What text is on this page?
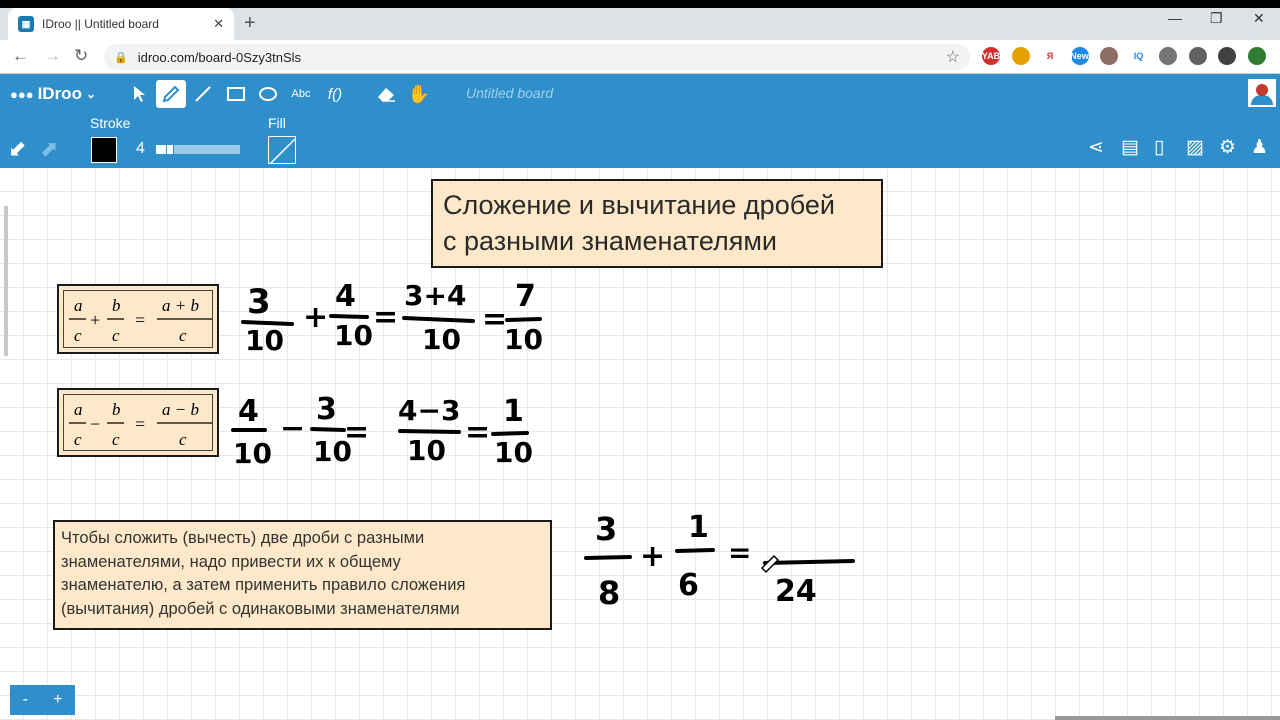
▦ IDroo || Untitled board	✕ +	— ❐ ✕
← → ↻ 🔒 idroo.com/board-0Szy3tnSls	☆ YAB	Я	New	IQ
●●● IDroo ⌄	Abc	f()	✋	Untitled board
⬋ ⬈
Stroke
4
Fill
⋖ ▤ ▯ ▨ ⚙ ♟
Сложение и вычитание дробей
с разными знаменателями
a
c
+
b
c
=
a + b
c
a
c
−
b
c
=
a − b
c
Чтобы сложить (вычесть) две дроби с разными
знаменателями, надо привести их к общему
знаменателю, а затем применить правило сложения
(вычитания) дробей с одинаковыми знаменателями
3
10
+
4
10
=
3+4
10
=
7
10
4
10
−
3
10
=
4−3
10
=
1
10
3
8
+
1
6
=
24
- +
